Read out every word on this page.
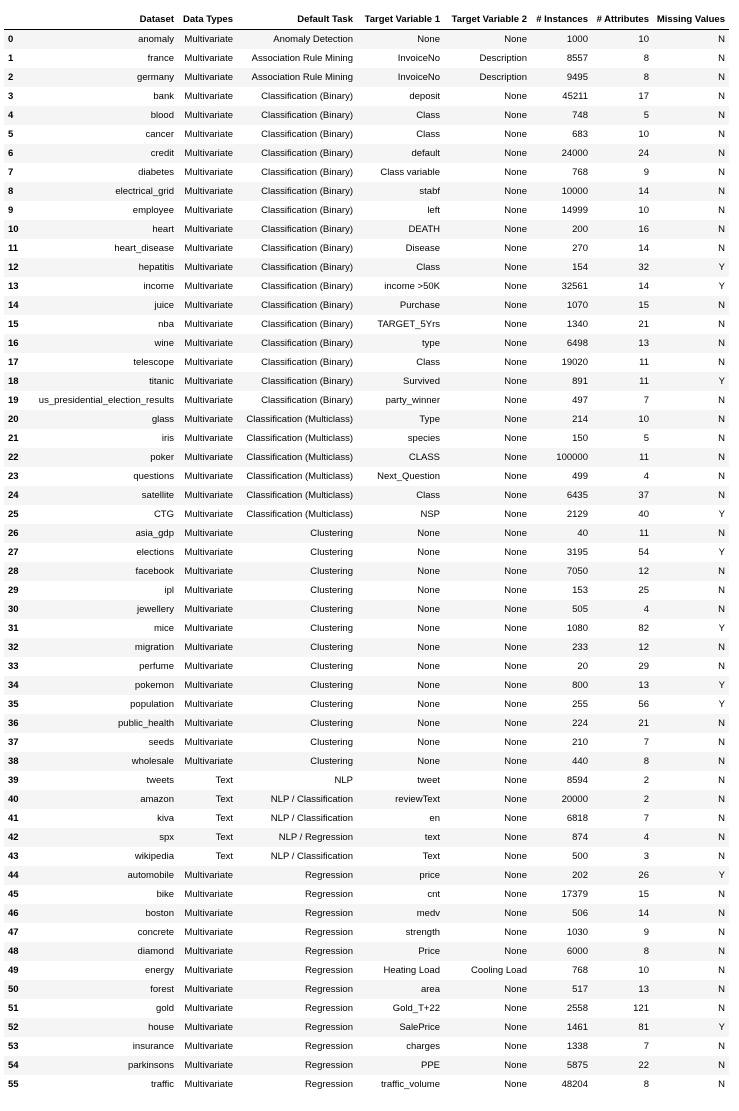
	Dataset	Data Types	Default Task	Target Variable 1	Target Variable 2	# Instances	# Attributes	Missing Values
0	anomaly	Multivariate	Anomaly Detection	None	None	1000	10	N
1	france	Multivariate	Association Rule Mining	InvoiceNo	Description	8557	8	N
2	germany	Multivariate	Association Rule Mining	InvoiceNo	Description	9495	8	N
3	bank	Multivariate	Classification (Binary)	deposit	None	45211	17	N
4	blood	Multivariate	Classification (Binary)	Class	None	748	5	N
5	cancer	Multivariate	Classification (Binary)	Class	None	683	10	N
6	credit	Multivariate	Classification (Binary)	default	None	24000	24	N
7	diabetes	Multivariate	Classification (Binary)	Class variable	None	768	9	N
8	electrical_grid	Multivariate	Classification (Binary)	stabf	None	10000	14	N
9	employee	Multivariate	Classification (Binary)	left	None	14999	10	N
10	heart	Multivariate	Classification (Binary)	DEATH	None	200	16	N
11	heart_disease	Multivariate	Classification (Binary)	Disease	None	270	14	N
12	hepatitis	Multivariate	Classification (Binary)	Class	None	154	32	Y
13	income	Multivariate	Classification (Binary)	income >50K	None	32561	14	Y
14	juice	Multivariate	Classification (Binary)	Purchase	None	1070	15	N
15	nba	Multivariate	Classification (Binary)	TARGET_5Yrs	None	1340	21	N
16	wine	Multivariate	Classification (Binary)	type	None	6498	13	N
17	telescope	Multivariate	Classification (Binary)	Class	None	19020	11	N
18	titanic	Multivariate	Classification (Binary)	Survived	None	891	11	Y
19	us_presidential_election_results	Multivariate	Classification (Binary)	party_winner	None	497	7	N
20	glass	Multivariate	Classification (Multiclass)	Type	None	214	10	N
21	iris	Multivariate	Classification (Multiclass)	species	None	150	5	N
22	poker	Multivariate	Classification (Multiclass)	CLASS	None	100000	11	N
23	questions	Multivariate	Classification (Multiclass)	Next_Question	None	499	4	N
24	satellite	Multivariate	Classification (Multiclass)	Class	None	6435	37	N
25	CTG	Multivariate	Classification (Multiclass)	NSP	None	2129	40	Y
26	asia_gdp	Multivariate	Clustering	None	None	40	11	N
27	elections	Multivariate	Clustering	None	None	3195	54	Y
28	facebook	Multivariate	Clustering	None	None	7050	12	N
29	ipl	Multivariate	Clustering	None	None	153	25	N
30	jewellery	Multivariate	Clustering	None	None	505	4	N
31	mice	Multivariate	Clustering	None	None	1080	82	Y
32	migration	Multivariate	Clustering	None	None	233	12	N
33	perfume	Multivariate	Clustering	None	None	20	29	N
34	pokemon	Multivariate	Clustering	None	None	800	13	Y
35	population	Multivariate	Clustering	None	None	255	56	Y
36	public_health	Multivariate	Clustering	None	None	224	21	N
37	seeds	Multivariate	Clustering	None	None	210	7	N
38	wholesale	Multivariate	Clustering	None	None	440	8	N
39	tweets	Text	NLP	tweet	None	8594	2	N
40	amazon	Text	NLP / Classification	reviewText	None	20000	2	N
41	kiva	Text	NLP / Classification	en	None	6818	7	N
42	spx	Text	NLP / Regression	text	None	874	4	N
43	wikipedia	Text	NLP / Classification	Text	None	500	3	N
44	automobile	Multivariate	Regression	price	None	202	26	Y
45	bike	Multivariate	Regression	cnt	None	17379	15	N
46	boston	Multivariate	Regression	medv	None	506	14	N
47	concrete	Multivariate	Regression	strength	None	1030	9	N
48	diamond	Multivariate	Regression	Price	None	6000	8	N
49	energy	Multivariate	Regression	Heating Load	Cooling Load	768	10	N
50	forest	Multivariate	Regression	area	None	517	13	N
51	gold	Multivariate	Regression	Gold_T+22	None	2558	121	N
52	house	Multivariate	Regression	SalePrice	None	1461	81	Y
53	insurance	Multivariate	Regression	charges	None	1338	7	N
54	parkinsons	Multivariate	Regression	PPE	None	5875	22	N
55	traffic	Multivariate	Regression	traffic_volume	None	48204	8	N
